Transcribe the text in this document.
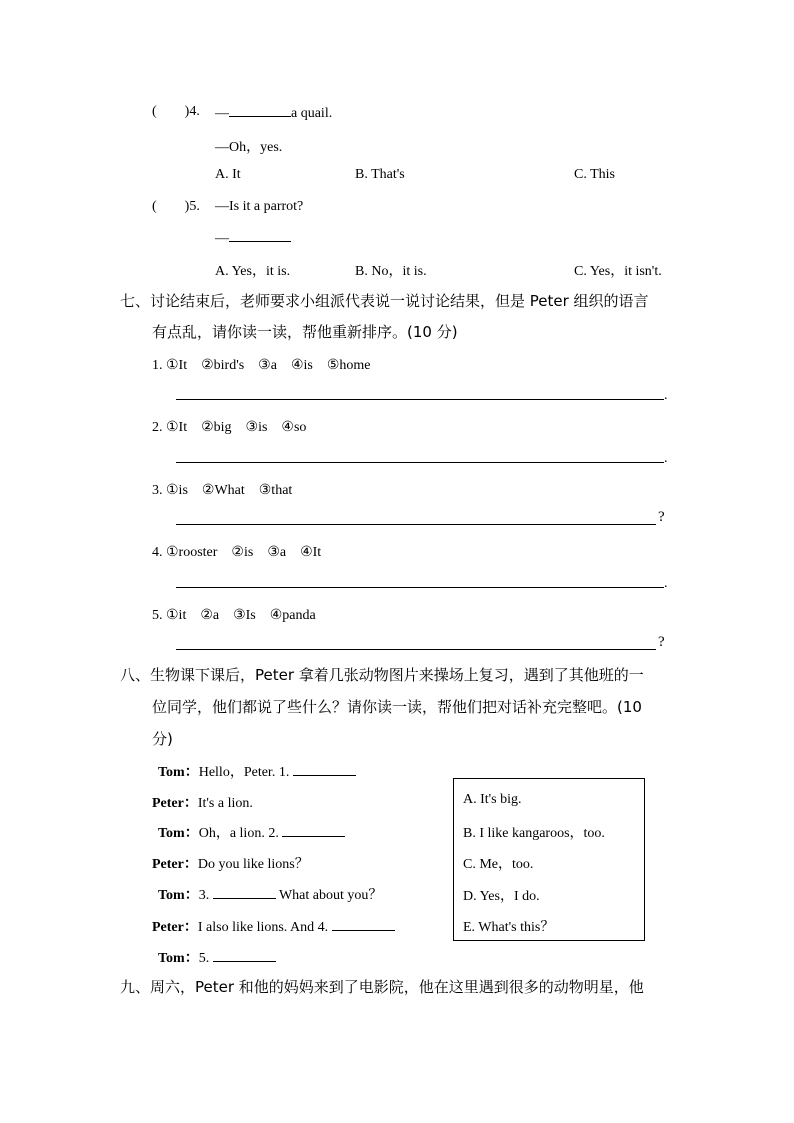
( )4. —	a quail.
—Oh，yes.
A. It	B. That's	C. This
( )5. —Is it a parrot?
—
A. Yes，it is.	B. No，it is.	C. Yes，it isn't.
七、讨论结束后，老师要求小组派代表说一说讨论结果，但是 Peter 组织的语言
有点乱，请你读一读，帮他重新排序。(10 分)
1. ①It　②bird's　③a　④is　⑤home
.
2. ①It　②big　③is　④so
.
3. ①is　②What　③that
?
4. ①rooster　②is　③a　④It
.
5. ①it　②a　③Is　④panda
?
八、生物课下课后，Peter 拿着几张动物图片来操场上复习，遇到了其他班的一
位同学，他们都说了些什么？请你读一读，帮他们把对话补充完整吧。(10
分)
Tom：Hello，Peter. 1.
Peter：It's a lion.
Tom：Oh，a lion. 2.
Peter：Do you like lions？
Tom：3.	What about you？
Peter：I also like lions. And 4.
Tom：5.
A. It's big.
B. I like kangaroos，too.
C. Me，too.
D. Yes，I do.
E. What's this？
九、周六，Peter 和他的妈妈来到了电影院，他在这里遇到很多的动物明星，他
